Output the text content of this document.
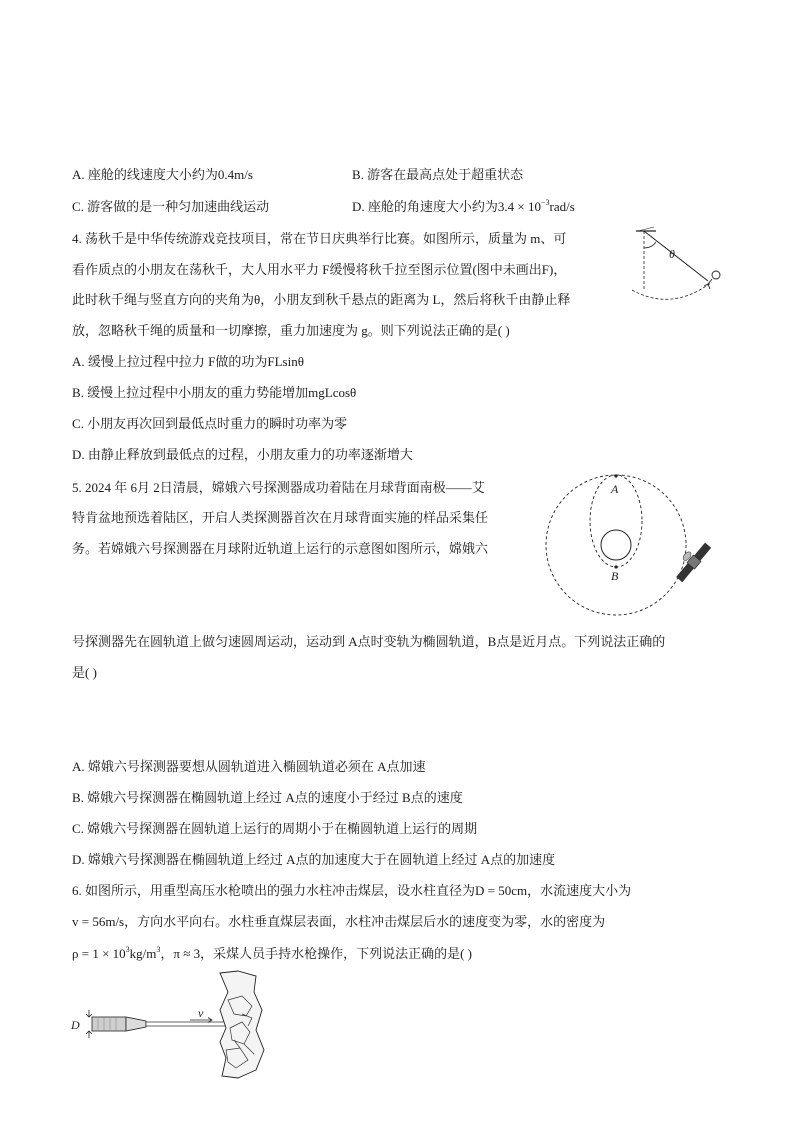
A. 座舱的线速度大小约为0.4m/s	B. 游客在最高点处于超重状态
C. 游客做的是一种匀加速曲线运动	D. 座舱的角速度大小约为$3.4 \times 10^{-3}rad/s$
4. 荡秋千是中华传统游戏竞技项目，常在节日庆典举行比赛。如图所示，质量为 m、可
看作质点的小朋友在荡秋千，大人用水平力 F缓慢将秋千拉至图示位置(图中未画出F)，
此时秋千绳与竖直方向的夹角为θ，小朋友到秋千悬点的距离为 L，然后将秋千由静止释
放，忽略秋千绳的质量和一切摩擦，重力加速度为 g。则下列说法正确的是( )
A. 缓慢上拉过程中拉力 F做的功为FLsinθ
B. 缓慢上拉过程中小朋友的重力势能增加mgLcosθ
C. 小朋友再次回到最低点时重力的瞬时功率为零
D. 由静止释放到最低点的过程，小朋友重力的功率逐渐增大
θ
5. 2024 年 6月 2日清晨，嫦娥六号探测器成功着陆在月球背面南极——艾
特肯盆地预选着陆区，开启人类探测器首次在月球背面实施的样品采集任
务。若嫦娥六号探测器在月球附近轨道上运行的示意图如图所示，嫦娥六
号探测器先在圆轨道上做匀速圆周运动，运动到 A点时变轨为椭圆轨道，B点是近月点。下列说法正确的
是( )
A
B
A. 嫦娥六号探测器要想从圆轨道进入椭圆轨道必须在 A点加速
B. 嫦娥六号探测器在椭圆轨道上经过 A点的速度小于经过 B点的速度
C. 嫦娥六号探测器在圆轨道上运行的周期小于在椭圆轨道上运行的周期
D. 嫦娥六号探测器在椭圆轨道上经过 A点的加速度大于在圆轨道上经过 A点的加速度
6. 如图所示，用重型高压水枪喷出的强力水柱冲击煤层，设水柱直径为D = 50cm，水流速度大小为
v = 56m/s，方向水平向右。水柱垂直煤层表面，水柱冲击煤层后水的速度变为零，水的密度为
$\rho = 1 \times 10^3kg/m^3$，π ≈ 3，采煤人员手持水枪操作，下列说法正确的是( )
D
v
